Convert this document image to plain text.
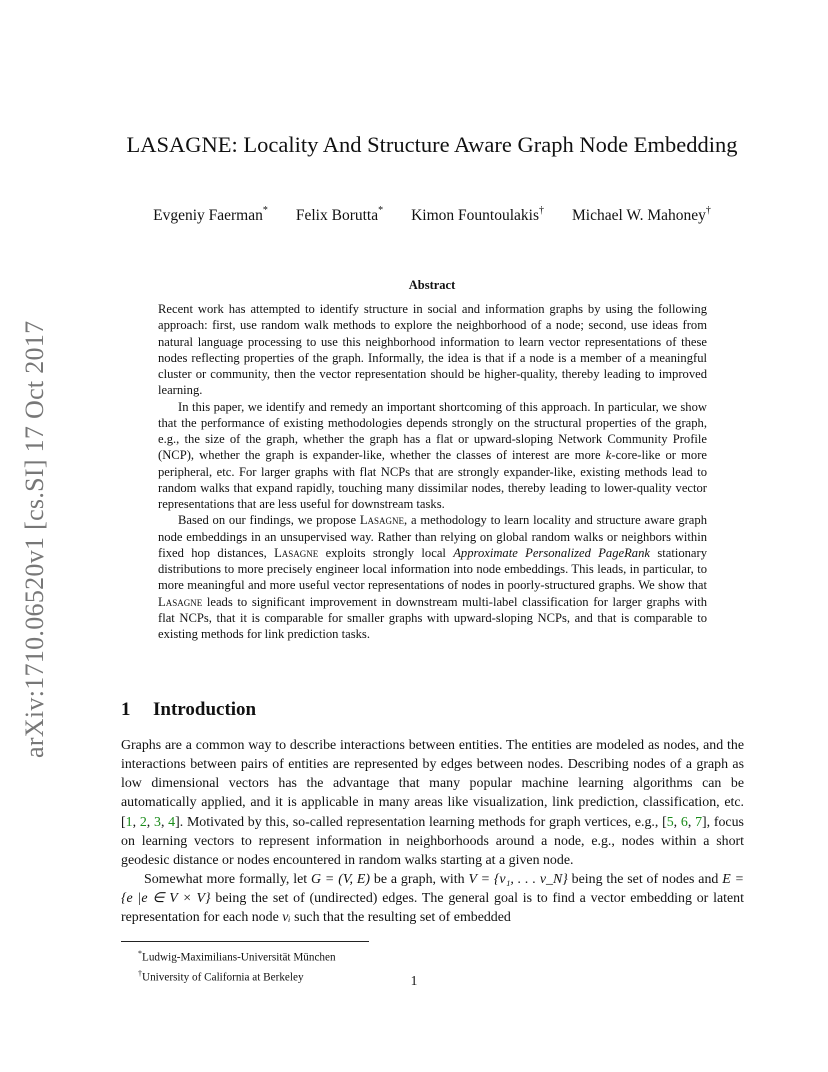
arXiv:1710.06520v1 [cs.SI] 17 Oct 2017
LASAGNE: Locality And Structure Aware Graph Node Embedding
Evgeniy Faerman* Felix Borutta* Kimon Fountoulakis† Michael W. Mahoney†
Abstract

Recent work has attempted to identify structure in social and information graphs by using the following approach: first, use random walk methods to explore the neighborhood of a node; second, use ideas from natural language processing to use this neighborhood information to learn vector representations of these nodes reflecting properties of the graph. Informally, the idea is that if a node is a member of a meaningful cluster or community, then the vector representation should be higher-quality, thereby leading to improved learning.

In this paper, we identify and remedy an important shortcoming of this approach. In particular, we show that the performance of existing methodologies depends strongly on the structural properties of the graph, e.g., the size of the graph, whether the graph has a flat or upward-sloping Network Community Profile (NCP), whether the graph is expander-like, whether the classes of interest are more k-core-like or more peripheral, etc. For larger graphs with flat NCPs that are strongly expander-like, existing methods lead to random walks that expand rapidly, touching many dissimilar nodes, thereby leading to lower-quality vector representations that are less useful for downstream tasks.

Based on our findings, we propose Lasagne, a methodology to learn locality and structure aware graph node embeddings in an unsupervised way. Rather than relying on global random walks or neighbors within fixed hop distances, Lasagne exploits strongly local Approximate Personalized PageRank stationary distributions to more precisely engineer local information into node embeddings. This leads, in particular, to more meaningful and more useful vector representations of nodes in poorly-structured graphs. We show that Lasagne leads to significant improvement in downstream multi-label classification for larger graphs with flat NCPs, that it is comparable for smaller graphs with upward-sloping NCPs, and that is comparable to existing methods for link prediction tasks.

1 Introduction

Graphs are a common way to describe interactions between entities. The entities are modeled as nodes, and the interactions between pairs of entities are represented by edges between nodes. Describing nodes of a graph as low dimensional vectors has the advantage that many popular machine learning algorithms can be automatically applied, and it is applicable in many areas like visualization, link prediction, classification, etc. [1, 2, 3, 4]. Motivated by this, so-called representation learning methods for graph vertices, e.g., [5, 6, 7], focus on learning vectors to represent information in neighborhoods around a node, e.g., nodes within a short geodesic distance or nodes encountered in random walks starting at a given node.

Somewhat more formally, let G = (V, E) be a graph, with V = {v₁, . . . v_N} being the set of nodes and E = {e |e ∈ V × V} being the set of (undirected) edges. The general goal is to find a vector embedding or latent representation for each node vᵢ such that the resulting set of embedded

*Ludwig-Maximilians-Universität München
†University of California at Berkeley	1
